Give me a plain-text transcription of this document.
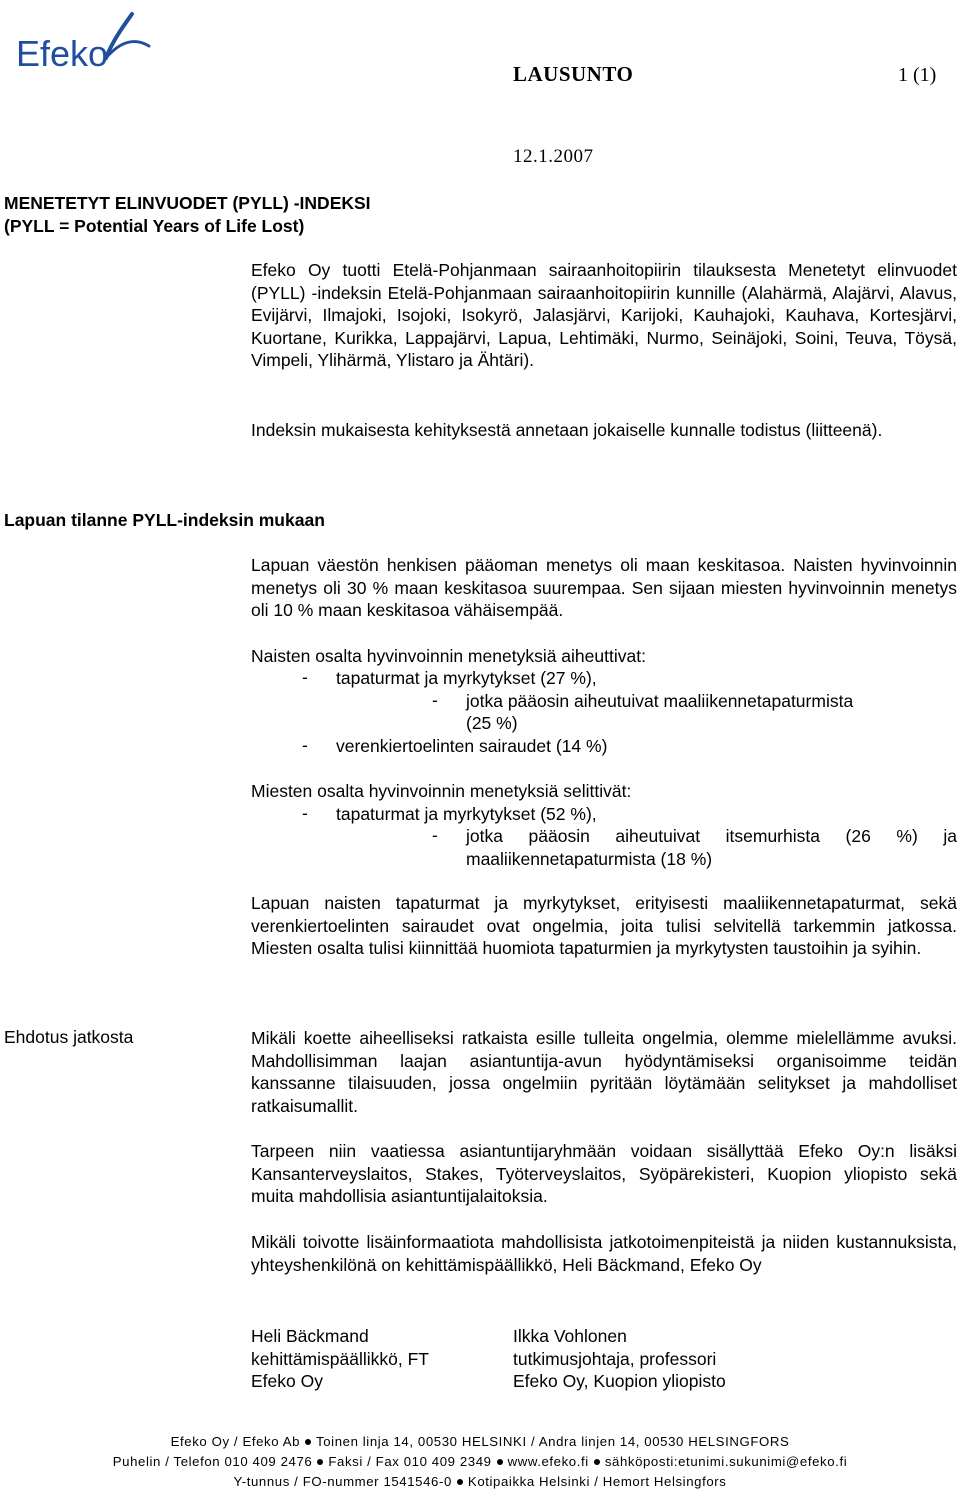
Efeko	LAUSUNTO	1 (1)
12.1.2007
MENETETYT ELINVUODET (PYLL) -INDEKSI
(PYLL = Potential Years of Life Lost)
Efeko Oy tuotti Etelä-Pohjanmaan sairaanhoitopiirin tilauksesta Menetetyt elinvuodet (PYLL) -indeksin Etelä-Pohjanmaan sairaanhoitopiirin kunnille (Alahärmä, Alajärvi, Alavus, Evijärvi, Ilmajoki, Isojoki, Isokyrö, Jalasjärvi, Karijoki, Kauhajoki, Kauhava, Kortesjärvi, Kuortane, Kurikka, Lappajärvi, Lapua, Lehtimäki, Nurmo, Seinäjoki, Soini, Teuva, Töysä, Vimpeli, Ylihärmä, Ylistaro ja Ähtäri).
Indeksin mukaisesta kehityksestä annetaan jokaiselle kunnalle todistus (liitteenä).
Lapuan tilanne PYLL-indeksin mukaan
Lapuan väestön henkisen pääoman menetys oli maan keskitasoa. Naisten hyvinvoinnin menetys oli 30 % maan keskitasoa suurempaa. Sen sijaan miesten hyvinvoinnin menetys oli 10 % maan keskitasoa vähäisempää.
Naisten osalta hyvinvoinnin menetyksiä aiheuttivat:
- tapaturmat ja myrkytykset (27 %),
- jotka pääosin aiheutuivat maaliikennetapaturmista
(25 %)
- verenkiertoelinten sairaudet (14 %)
Miesten osalta hyvinvoinnin menetyksiä selittivät:
- tapaturmat ja myrkytykset (52 %),
- jotka pääosin aiheutuivat itsemurhista (26 %) ja
maaliikennetapaturmista (18 %)
Lapuan naisten tapaturmat ja myrkytykset, erityisesti maaliikennetapaturmat, sekä verenkiertoelinten sairaudet ovat ongelmia, joita tulisi selvitellä tarkemmin jatkossa. Miesten osalta tulisi kiinnittää huomiota tapaturmien ja myrkytysten taustoihin ja syihin.
Ehdotus jatkosta	Mikäli koette aiheelliseksi ratkaista esille tulleita ongelmia, olemme mielellämme avuksi. Mahdollisimman laajan asiantuntija-avun hyödyntämiseksi organisoimme teidän kanssanne tilaisuuden, jossa ongelmiin pyritään löytämään selitykset ja mahdolliset ratkaisumallit.
Tarpeen niin vaatiessa asiantuntijaryhmään voidaan sisällyttää Efeko Oy:n lisäksi Kansanterveyslaitos, Stakes, Työterveyslaitos, Syöpärekisteri, Kuopion yliopisto sekä muita mahdollisia asiantuntijalaitoksia.
Mikäli toivotte lisäinformaatiota mahdollisista jatkotoimenpiteistä ja niiden kustannuksista, yhteyshenkilönä on kehittämispäällikkö, Heli Bäckmand, Efeko Oy
Heli Bäckmand
kehittämispäällikkö, FT
Efeko Oy
Ilkka Vohlonen
tutkimusjohtaja, professori
Efeko Oy, Kuopion yliopisto
Efeko Oy / Efeko Ab Toinen linja 14, 00530 HELSINKI / Andra linjen 14, 00530 HELSINGFORS
Puhelin / Telefon 010 409 2476 Faksi / Fax 010 409 2349 www.efeko.fi sähköposti:etunimi.sukunimi@efeko.fi
Y-tunnus / FO-nummer 1541546-0 Kotipaikka Helsinki / Hemort Helsingfors
